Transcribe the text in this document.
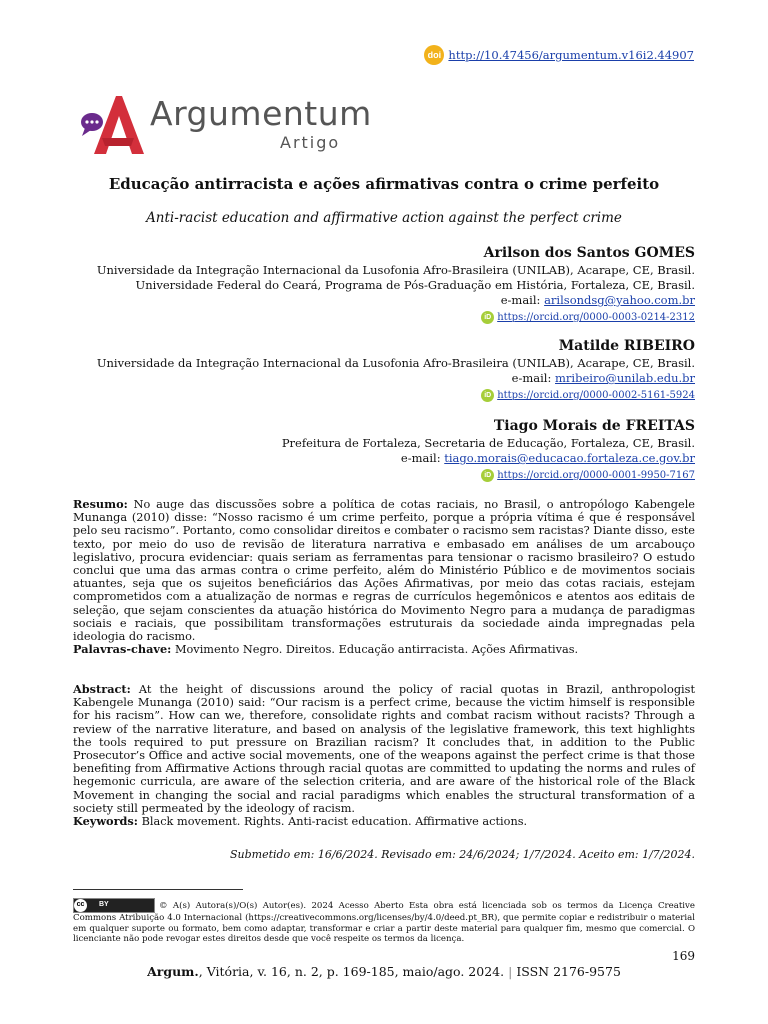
doi http://10.47456/argumentum.v16i2.44907
Argumentum
Artigo
Educação antirracista e ações afirmativas contra o crime perfeito
Anti-racist education and affirmative action against the perfect crime
Arilson dos Santos GOMES
Universidade da Integração Internacional da Lusofonia Afro-Brasileira (UNILAB), Acarape, CE, Brasil.
Universidade Federal do Ceará, Programa de Pós-Graduação em História, Fortaleza, CE, Brasil.
e-mail: arilsondsg@yahoo.com.br
iD https://orcid.org/0000-0003-0214-2312
Matilde RIBEIRO
Universidade da Integração Internacional da Lusofonia Afro-Brasileira (UNILAB), Acarape, CE, Brasil.
e-mail: mribeiro@unilab.edu.br
iD https://orcid.org/0000-0002-5161-5924
Tiago Morais de FREITAS
Prefeitura de Fortaleza, Secretaria de Educação, Fortaleza, CE, Brasil.
e-mail: tiago.morais@educacao.fortaleza.ce.gov.br
iD https://orcid.org/0000-0001-9950-7167
Resumo: No auge das discussões sobre a política de cotas raciais, no Brasil, o antropólogo Kabengele Munanga (2010) disse: “Nosso racismo é um crime perfeito, porque a própria vítima é que é responsável pelo seu racismo”. Portanto, como consolidar direitos e combater o racismo sem racistas? Diante disso, este texto, por meio do uso de revisão de literatura narrativa e embasado em análises de um arcabouço legislativo, procura evidenciar: quais seriam as ferramentas para tensionar o racismo brasileiro? O estudo conclui que uma das armas contra o crime perfeito, além do Ministério Público e de movimentos sociais atuantes, seja que os sujeitos beneficiários das Ações Afirmativas, por meio das cotas raciais, estejam comprometidos com a atualização de normas e regras de currículos hegemônicos e atentos aos editais de seleção, que sejam conscientes da atuação histórica do Movimento Negro para a mudança de paradigmas sociais e raciais, que possibilitam transformações estruturais da sociedade ainda impregnadas pela ideologia do racismo.
Palavras-chave: Movimento Negro. Direitos. Educação antirracista. Ações Afirmativas.
Abstract: At the height of discussions around the policy of racial quotas in Brazil, anthropologist Kabengele Munanga (2010) said: “Our racism is a perfect crime, because the victim himself is responsible for his racism”. How can we, therefore, consolidate rights and combat racism without racists? Through a review of the narrative literature, and based on analysis of the legislative framework, this text highlights the tools required to put pressure on Brazilian racism? It concludes that, in addition to the Public Prosecutor’s Office and active social movements, one of the weapons against the perfect crime is that those benefiting from Affirmative Actions through racial quotas are committed to updating the norms and rules of hegemonic curricula, are aware of the selection criteria, and are aware of the historical role of the Black Movement in changing the social and racial paradigms which enables the structural transformation of a society still permeated by the ideology of racism.
Keywords: Black movement. Rights. Anti-racist education. Affirmative actions.
Submetido em: 16/6/2024. Revisado em: 24/6/2024; 1/7/2024. Aceito em: 1/7/2024.
cc	BY	© A(s) Autora(s)/O(s) Autor(es). 2024 Acesso Aberto Esta obra está licenciada sob os termos da Licença Creative Commons Atribuição 4.0 Internacional (https://creativecommons.org/licenses/by/4.0/deed.pt_BR), que permite copiar e redistribuir o material em qualquer suporte ou formato, bem como adaptar, transformar e criar a partir deste material para qualquer fim, mesmo que comercial. O licenciante não pode revogar estes direitos desde que você respeite os termos da licença.
169
Argum., Vitória, v. 16, n. 2, p. 169-185, maio/ago. 2024. | ISSN 2176-9575
